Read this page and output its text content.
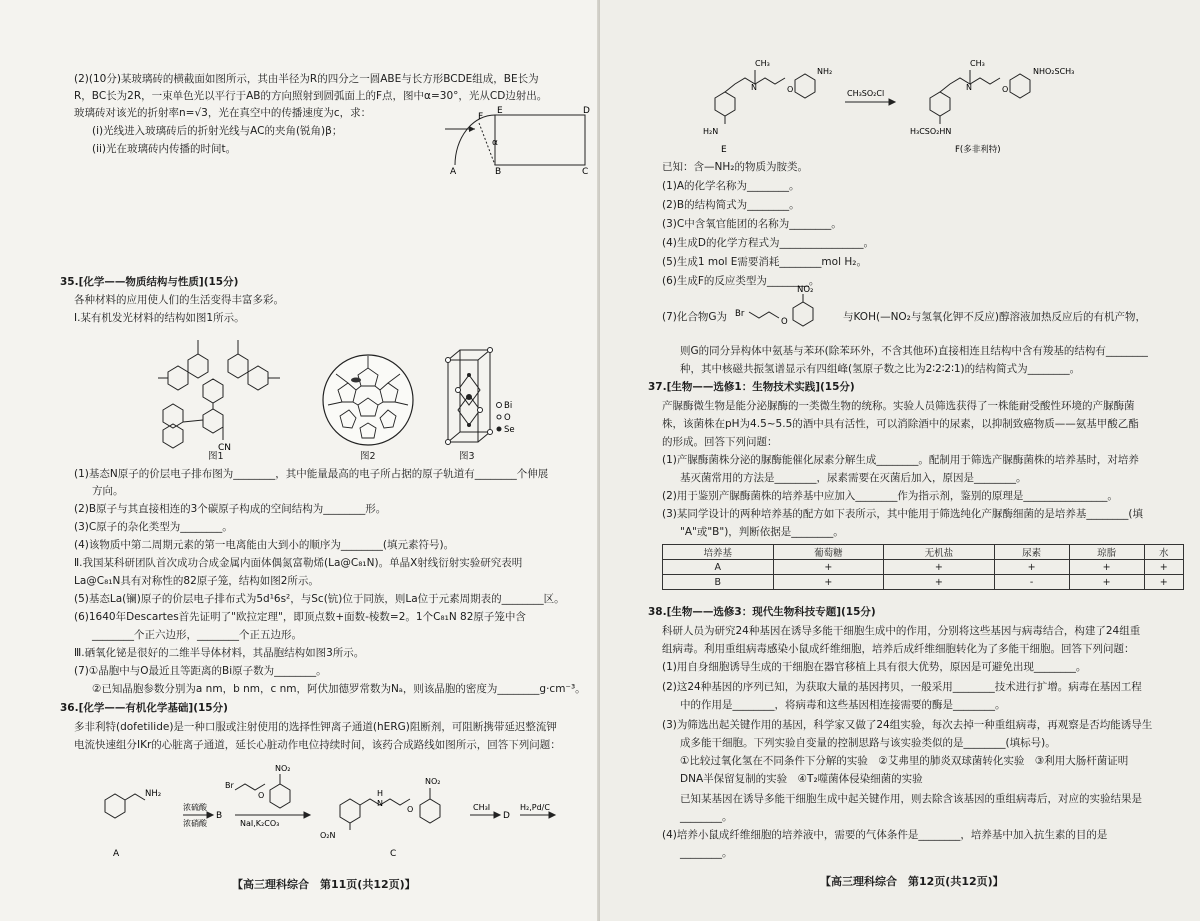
(2)(10分)某玻璃砖的横截面如图所示，其由半径为R的四分之一圆ABE与长方形BCDE组成，BE长为
R，BC长为2R，一束单色光以平行于AB的方向照射到圆弧面上的F点，图中α=30°，光从CD边射出。
玻璃砖对该光的折射率n=√3，光在真空中的传播速度为c，求：
(i)光线进入玻璃砖后的折射光线与AC的夹角(锐角)β；
(ii)光在玻璃砖内传播的时间t。
F
E	D
α
A	B	C
35.[化学——物质结构与性质](15分)
各种材料的应用使人们的生活变得丰富多彩。
Ⅰ.某有机发光材料的结构如图1所示。
CN
图1	图2
Bi
O
Se
图3
(1)基态N原子的价层电子排布图为________，其中能量最高的电子所占据的原子轨道有________个伸展
方向。
(2)B原子与其直接相连的3个碳原子构成的空间结构为________形。
(3)C原子的杂化类型为________。
(4)该物质中第二周期元素的第一电离能由大到小的顺序为________(填元素符号)。
Ⅱ.我国某科研团队首次成功合成金属内面体偶氮富勒烯(La@C₈₁N)。单晶X射线衍射实验研究表明
La@C₈₁N具有对称性的82原子笼，结构如图2所示。
(5)基态La(镧)原子的价层电子排布式为5d¹6s²，与Sc(钪)位于同族，则La位于元素周期表的________区。
(6)1640年Descartes首先证明了"欧拉定理"，即顶点数+面数-棱数=2。1个C₈₁N 82原子笼中含
________个正六边形，________个正五边形。
Ⅲ.硒氧化铋是很好的二维半导体材料，其晶胞结构如图3所示。
(7)①晶胞中与O最近且等距离的Bi原子数为________。
②已知晶胞参数分别为a nm，b nm，c nm，阿伏加德罗常数为Nₐ，则该晶胞的密度为________g·cm⁻³。
36.[化学——有机化学基础](15分)
多非利特(dofetilide)是一种口服或注射使用的选择性钾离子通道(hERG)阻断剂，可阻断携带延迟整流钾
电流快速组分IKr的心脏离子通道，延长心脏动作电位持续时间，该药合成路线如图所示，回答下列问题：
NH₂
A
浓硫酸
浓硝酸
B
Br
O
NO₂
NaI,K₂CO₃
H
N
O
NO₂
O₂N
C
CH₃I
D
H₂,Pd/C
【高三理科综合　第11页(共12页)】
CH₃
NH₂
N	O
H₂N
E
CH₃SO₂Cl
CH₃
NHO₂SCH₃
N	O
H₃CSO₂HN
F(多非利特)
已知：含—NH₂的物质为胺类。
(1)A的化学名称为________。
(2)B的结构简式为________。
(3)C中含氧官能团的名称为________。
(4)生成D的化学方程式为________________。
(5)生成1 mol E需要消耗________mol H₂。
(6)生成F的反应类型为________。
(7)化合物G为 Br
O
NO₂
与KOH(—NO₂与氢氧化钾不反应)醇溶液加热反应后的有机产物，
则G的同分异构体中氨基与苯环(除苯环外，不含其他环)直接相连且结构中含有羧基的结构有________
种，其中核磁共振氢谱显示有四组峰(氢原子数之比为2∶2∶2∶1)的结构简式为________。
37.[生物——选修1：生物技术实践](15分)
产脲酶微生物是能分泌脲酶的一类微生物的统称。实验人员筛选获得了一株能耐受酸性环境的产脲酶菌
株，该菌株在pH为4.5~5.5的酒中具有活性，可以消除酒中的尿素，以抑制致癌物质——氨基甲酸乙酯
的形成。回答下列问题：
(1)产脲酶菌株分泌的脲酶能催化尿素分解生成________。配制用于筛选产脲酶菌株的培养基时，对培养
基灭菌常用的方法是________，尿素需要在灭菌后加入，原因是________。
(2)用于鉴别产脲酶菌株的培养基中应加入________作为指示剂，鉴别的原理是________________。
(3)某同学设计的两种培养基的配方如下表所示，其中能用于筛选纯化产脲酶细菌的是培养基________(填
"A"或"B")，判断依据是________。
培养基	葡萄糖	无机盐	尿素	琼脂	水
A	+	+	+	+	+
B	+	+	-	+	+
38.[生物——选修3：现代生物科技专题](15分)
科研人员为研究24种基因在诱导多能干细胞生成中的作用，分别将这些基因与病毒结合，构建了24组重
组病毒。利用重组病毒感染小鼠成纤维细胞，培养后成纤维细胞转化为了多能干细胞。回答下列问题：
(1)用自身细胞诱导生成的干细胞在器官移植上具有很大优势，原因是可避免出现________。
(2)这24种基因的序列已知，为获取大量的基因拷贝，一般采用________技术进行扩增。病毒在基因工程
中的作用是________，将病毒和这些基因相连接需要的酶是________。
(3)为筛选出起关键作用的基因，科学家又做了24组实验，每次去掉一种重组病毒，再观察是否均能诱导生
成多能干细胞。下列实验自变量的控制思路与该实验类似的是________(填标号)。
①比较过氧化氢在不同条件下分解的实验　②艾弗里的肺炎双球菌转化实验　③利用大肠杆菌证明
DNA半保留复制的实验　④T₂噬菌体侵染细菌的实验
已知某基因在诱导多能干细胞生成中起关键作用，则去除含该基因的重组病毒后，对应的实验结果是
________。
(4)培养小鼠成纤维细胞的培养液中，需要的气体条件是________，培养基中加入抗生素的目的是
________。
【高三理科综合　第12页(共12页)】
